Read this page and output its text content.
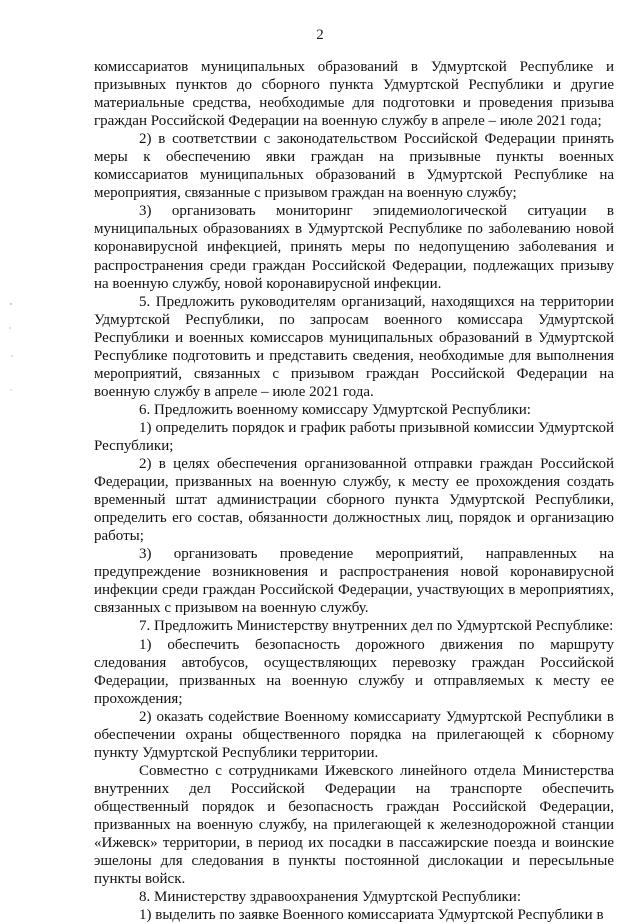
2

комиссариатов муниципальных образований в Удмуртской Республике и призывных пунктов до сборного пункта Удмуртской Республики и другие материальные средства, необходимые для подготовки и проведения призыва граждан Российской Федерации на военную службу в апреле – июле 2021 года;

2) в соответствии с законодательством Российской Федерации принять меры к обеспечению явки граждан на призывные пункты военных комиссариатов муниципальных образований в Удмуртской Республике на мероприятия, связанные с призывом граждан на военную службу;

3) организовать мониторинг эпидемиологической ситуации в муниципальных образованиях в Удмуртской Республике по заболеванию новой коронавирусной инфекцией, принять меры по недопущению заболевания и распространения среди граждан Российской Федерации, подлежащих призыву на военную службу, новой коронавирусной инфекции.

5. Предложить руководителям организаций, находящихся на территории Удмуртской Республики, по запросам военного комиссара Удмуртской Республики и военных комиссаров муниципальных образований в Удмуртской Республике подготовить и представить сведения, необходимые для выполнения мероприятий, связанных с призывом граждан Российской Федерации на военную службу в апреле – июле 2021 года.

6. Предложить военному комиссару Удмуртской Республики:

1) определить порядок и график работы призывной комиссии Удмуртской Республики;

2) в целях обеспечения организованной отправки граждан Российской Федерации, призванных на военную службу, к месту ее прохождения создать временный штат администрации сборного пункта Удмуртской Республики, определить его состав, обязанности должностных лиц, порядок и организацию работы;

3) организовать проведение мероприятий, направленных на предупреждение возникновения и распространения новой коронавирусной инфекции среди граждан Российской Федерации, участвующих в мероприятиях, связанных с призывом на военную службу.

7. Предложить Министерству внутренних дел по Удмуртской Республике:

1) обеспечить безопасность дорожного движения по маршруту следования автобусов, осуществляющих перевозку граждан Российской Федерации, призванных на военную службу и отправляемых к месту ее прохождения;

2) оказать содействие Военному комиссариату Удмуртской Республики в обеспечении охраны общественного порядка на прилегающей к сборному пункту Удмуртской Республики территории.

Совместно с сотрудниками Ижевского линейного отдела Министерства внутренних дел Российской Федерации на транспорте обеспечить общественный порядок и безопасность граждан Российской Федерации, призванных на военную службу, на прилегающей к железнодорожной станции «Ижевск» территории, в период их посадки в пассажирские поезда и воинские эшелоны для следования в пункты постоянной дислокации и пересыльные пункты войск.

8. Министерству здравоохранения Удмуртской Республики:

1) выделить по заявке Военного комиссариата Удмуртской Республики в
